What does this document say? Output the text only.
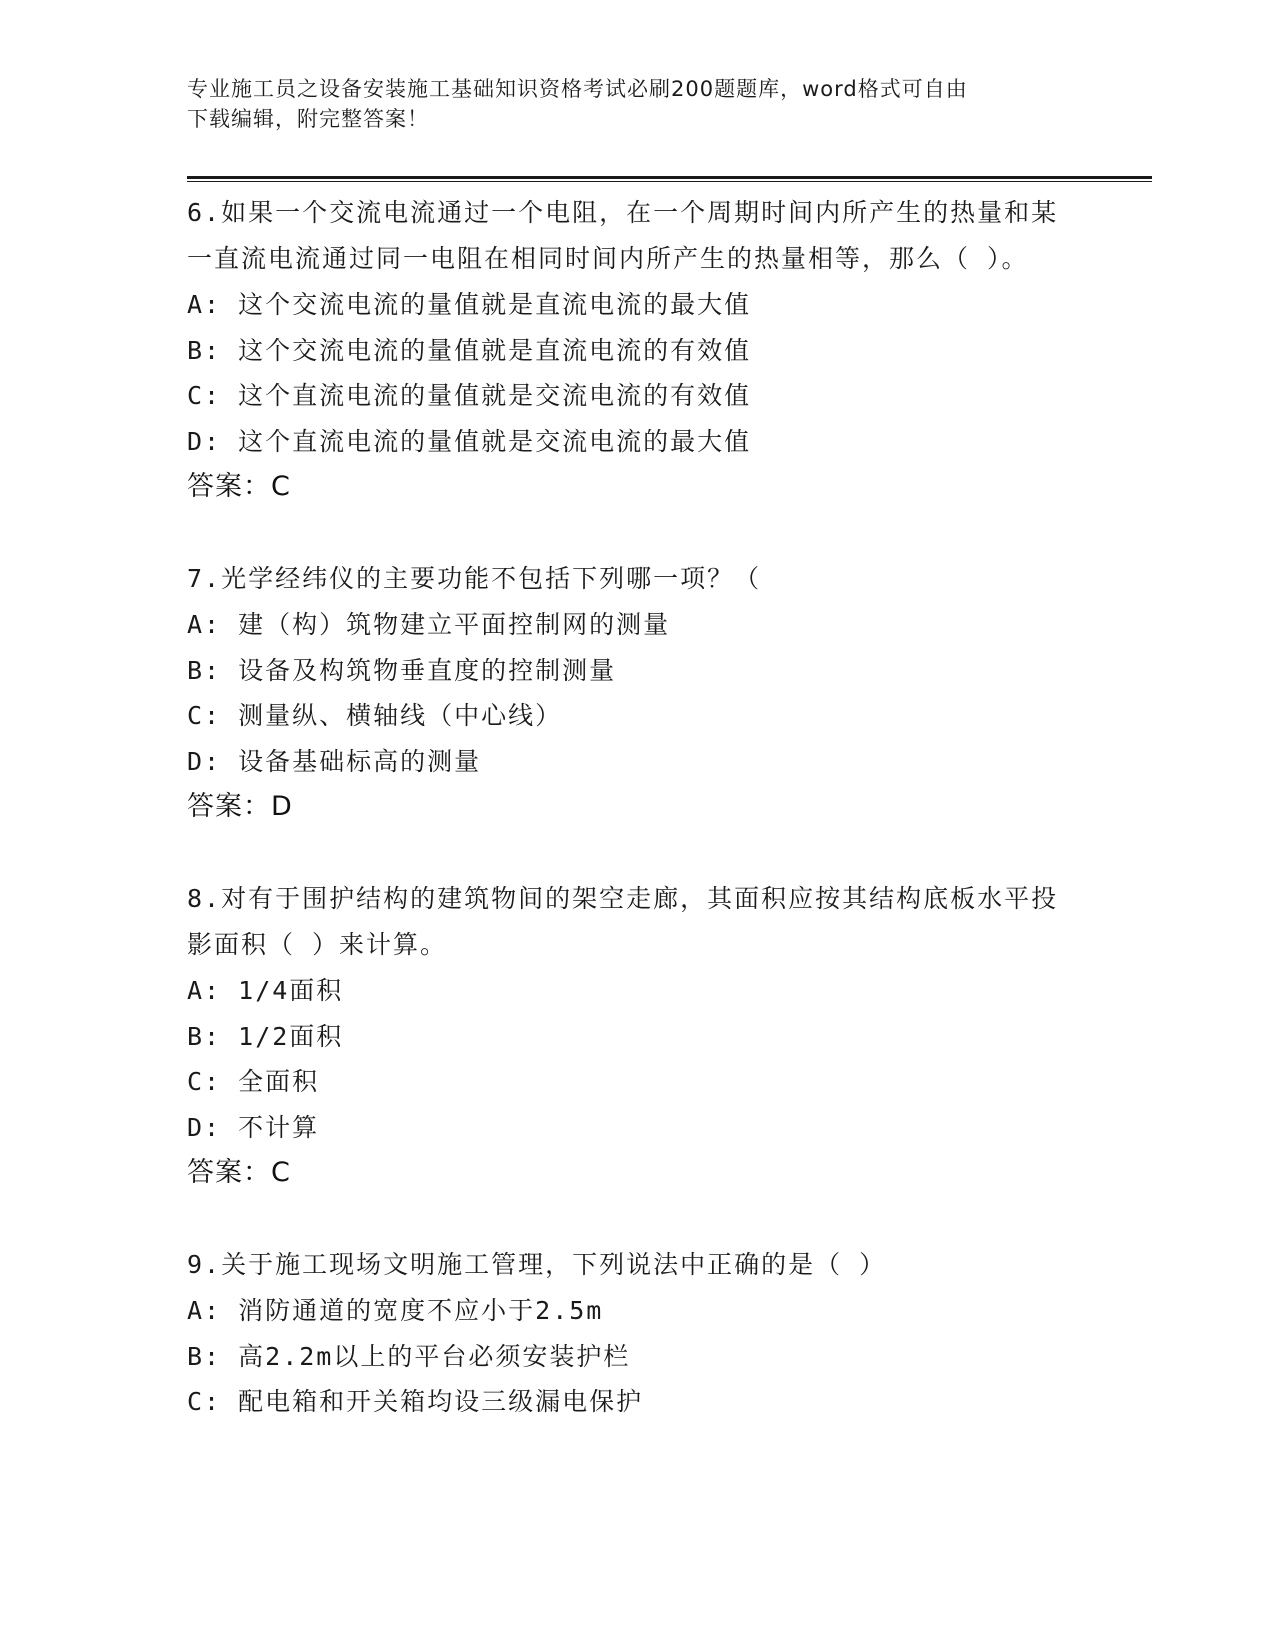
专业施工员之设备安装施工基础知识资格考试必刷200题题库，word格式可自由
下载编辑，附完整答案！

6.如果一个交流电流通过一个电阻，在一个周期时间内所产生的热量和某一直流电流通过同一电阻在相同时间内所产生的热量相等，那么（ ）。

A: 这个交流电流的量值就是直流电流的最大值

B: 这个交流电流的量值就是直流电流的有效值

C: 这个直流电流的量值就是交流电流的有效值

D: 这个直流电流的量值就是交流电流的最大值

答案：C

7.光学经纬仪的主要功能不包括下列哪一项？（

A: 建（构）筑物建立平面控制网的测量

B: 设备及构筑物垂直度的控制测量

C: 测量纵、横轴线（中心线）

D: 设备基础标高的测量

答案：D

8.对有于围护结构的建筑物间的架空走廊，其面积应按其结构底板水平投影面积（ ）来计算。

A: 1/4面积

B: 1/2面积

C: 全面积

D: 不计算

答案：C

9.关于施工现场文明施工管理，下列说法中正确的是（ ）

A: 消防通道的宽度不应小于2.5m

B: 高2.2m以上的平台必须安装护栏

C: 配电箱和开关箱均设三级漏电保护
